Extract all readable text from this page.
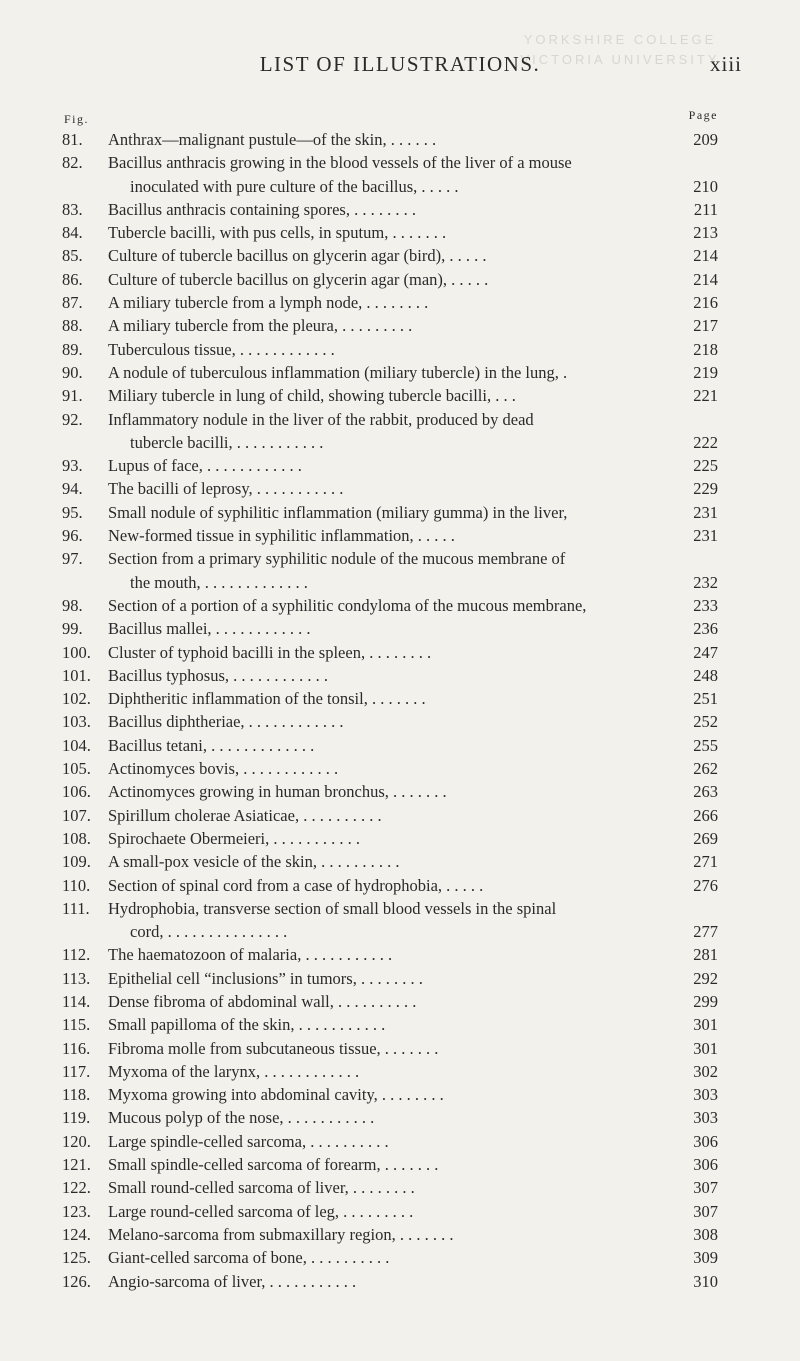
YORKSHIRE COLLEGE
VICTORIA UNIVERSITY
LIST OF ILLUSTRATIONS.	xiii
Fig.	Page
81.	Anthrax—malignant pustule—of the skin, . . . . . .	209
82.	Bacillus anthracis growing in the blood vessels of the liver of a mouse
inoculated with pure culture of the bacillus, . . . . .	210
83.	Bacillus anthracis containing spores, . . . . . . . .	211
84.	Tubercle bacilli, with pus cells, in sputum, . . . . . . .	213
85.	Culture of tubercle bacillus on glycerin agar (bird), . . . . .	214
86.	Culture of tubercle bacillus on glycerin agar (man), . . . . .	214
87.	A miliary tubercle from a lymph node, . . . . . . . .	216
88.	A miliary tubercle from the pleura, . . . . . . . . .	217
89.	Tuberculous tissue, . . . . . . . . . . . .	218
90.	A nodule of tuberculous inflammation (miliary tubercle) in the lung, .	219
91.	Miliary tubercle in lung of child, showing tubercle bacilli, . . .	221
92.	Inflammatory nodule in the liver of the rabbit, produced by dead
tubercle bacilli, . . . . . . . . . . .	222
93.	Lupus of face, . . . . . . . . . . . .	225
94.	The bacilli of leprosy, . . . . . . . . . . .	229
95.	Small nodule of syphilitic inflammation (miliary gumma) in the liver,	231
96.	New-formed tissue in syphilitic inflammation, . . . . .	231
97.	Section from a primary syphilitic nodule of the mucous membrane of
the mouth, . . . . . . . . . . . . .	232
98.	Section of a portion of a syphilitic condyloma of the mucous membrane,	233
99.	Bacillus mallei, . . . . . . . . . . . .	236
100.	Cluster of typhoid bacilli in the spleen, . . . . . . . .	247
101.	Bacillus typhosus, . . . . . . . . . . . .	248
102.	Diphtheritic inflammation of the tonsil, . . . . . . .	251
103.	Bacillus diphtheriae, . . . . . . . . . . . .	252
104.	Bacillus tetani, . . . . . . . . . . . . .	255
105.	Actinomyces bovis, . . . . . . . . . . . .	262
106.	Actinomyces growing in human bronchus, . . . . . . .	263
107.	Spirillum cholerae Asiaticae, . . . . . . . . . .	266
108.	Spirochaete Obermeieri, . . . . . . . . . . .	269
109.	A small-pox vesicle of the skin, . . . . . . . . . .	271
110.	Section of spinal cord from a case of hydrophobia, . . . . .	276
111.	Hydrophobia, transverse section of small blood vessels in the spinal
cord, . . . . . . . . . . . . . . .	277
112.	The haematozoon of malaria, . . . . . . . . . . .	281
113.	Epithelial cell “inclusions” in tumors, . . . . . . . .	292
114.	Dense fibroma of abdominal wall, . . . . . . . . . .	299
115.	Small papilloma of the skin, . . . . . . . . . . .	301
116.	Fibroma molle from subcutaneous tissue, . . . . . . .	301
117.	Myxoma of the larynx, . . . . . . . . . . . .	302
118.	Myxoma growing into abdominal cavity, . . . . . . . .	303
119.	Mucous polyp of the nose, . . . . . . . . . . .	303
120.	Large spindle-celled sarcoma, . . . . . . . . . .	306
121.	Small spindle-celled sarcoma of forearm, . . . . . . .	306
122.	Small round-celled sarcoma of liver, . . . . . . . .	307
123.	Large round-celled sarcoma of leg, . . . . . . . . .	307
124.	Melano-sarcoma from submaxillary region, . . . . . . .	308
125.	Giant-celled sarcoma of bone, . . . . . . . . . .	309
126.	Angio-sarcoma of liver, . . . . . . . . . . .	310
